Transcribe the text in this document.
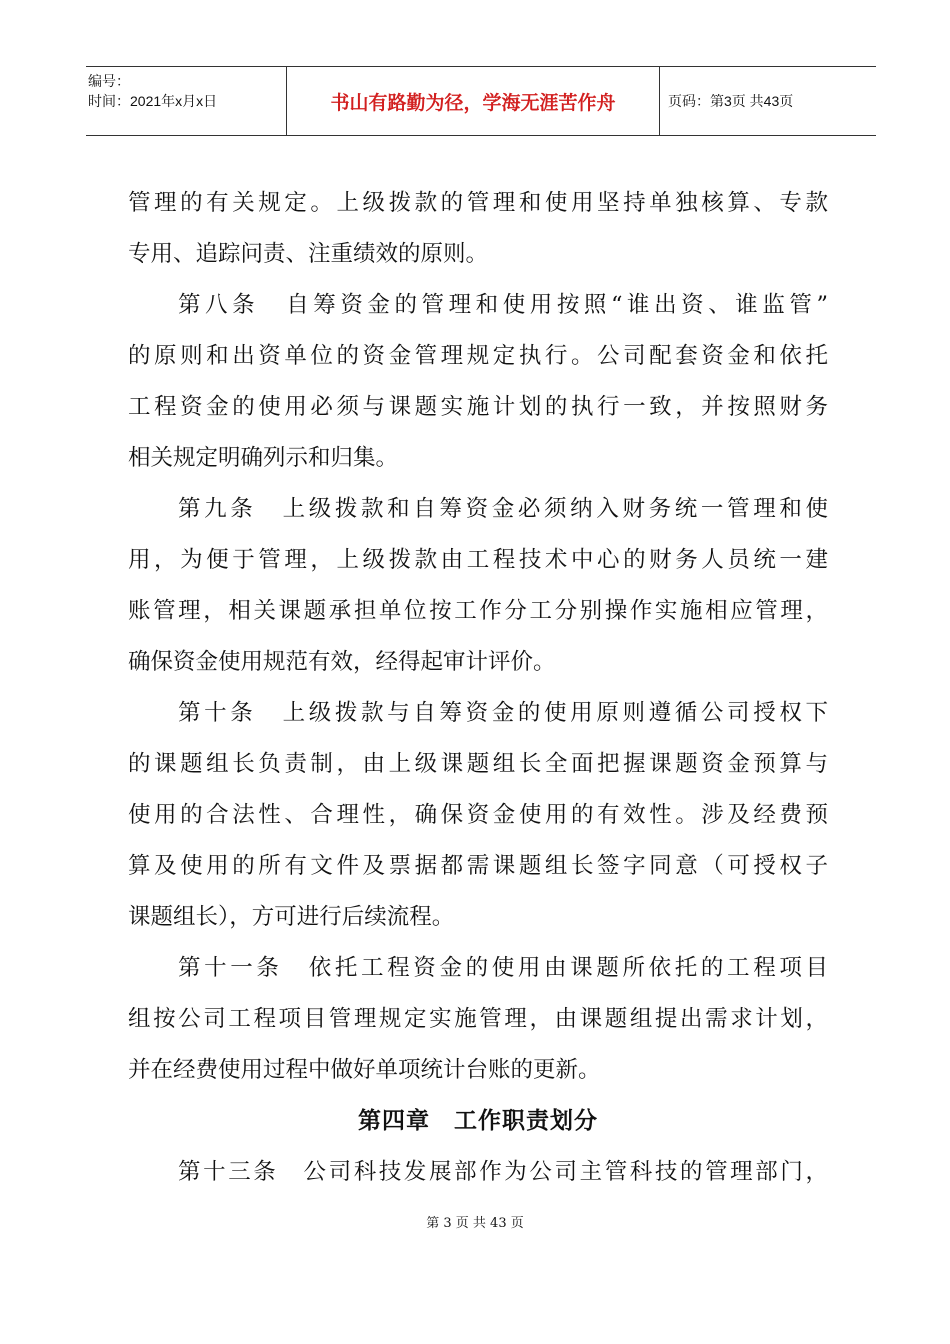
编号：
时间：2021年x月x日	书山有路勤为径，学海无涯苦作舟	页码：第3页 共43页
管理的有关规定。上级拨款的管理和使用坚持单独核算、专款
专用、追踪问责、注重绩效的原则。
第八条　自筹资金的管理和使用按照“谁出资、谁监管”
的原则和出资单位的资金管理规定执行。公司配套资金和依托
工程资金的使用必须与课题实施计划的执行一致，并按照财务
相关规定明确列示和归集。
第九条　上级拨款和自筹资金必须纳入财务统一管理和使
用，为便于管理，上级拨款由工程技术中心的财务人员统一建
账管理，相关课题承担单位按工作分工分别操作实施相应管理，
确保资金使用规范有效，经得起审计评价。
第十条　上级拨款与自筹资金的使用原则遵循公司授权下
的课题组长负责制，由上级课题组长全面把握课题资金预算与
使用的合法性、合理性，确保资金使用的有效性。涉及经费预
算及使用的所有文件及票据都需课题组长签字同意（可授权子
课题组长），方可进行后续流程。
第十一条　依托工程资金的使用由课题所依托的工程项目
组按公司工程项目管理规定实施管理，由课题组提出需求计划，
并在经费使用过程中做好单项统计台账的更新。
第四章　工作职责划分
第十三条　公司科技发展部作为公司主管科技的管理部门，
第 3 页 共 43 页
